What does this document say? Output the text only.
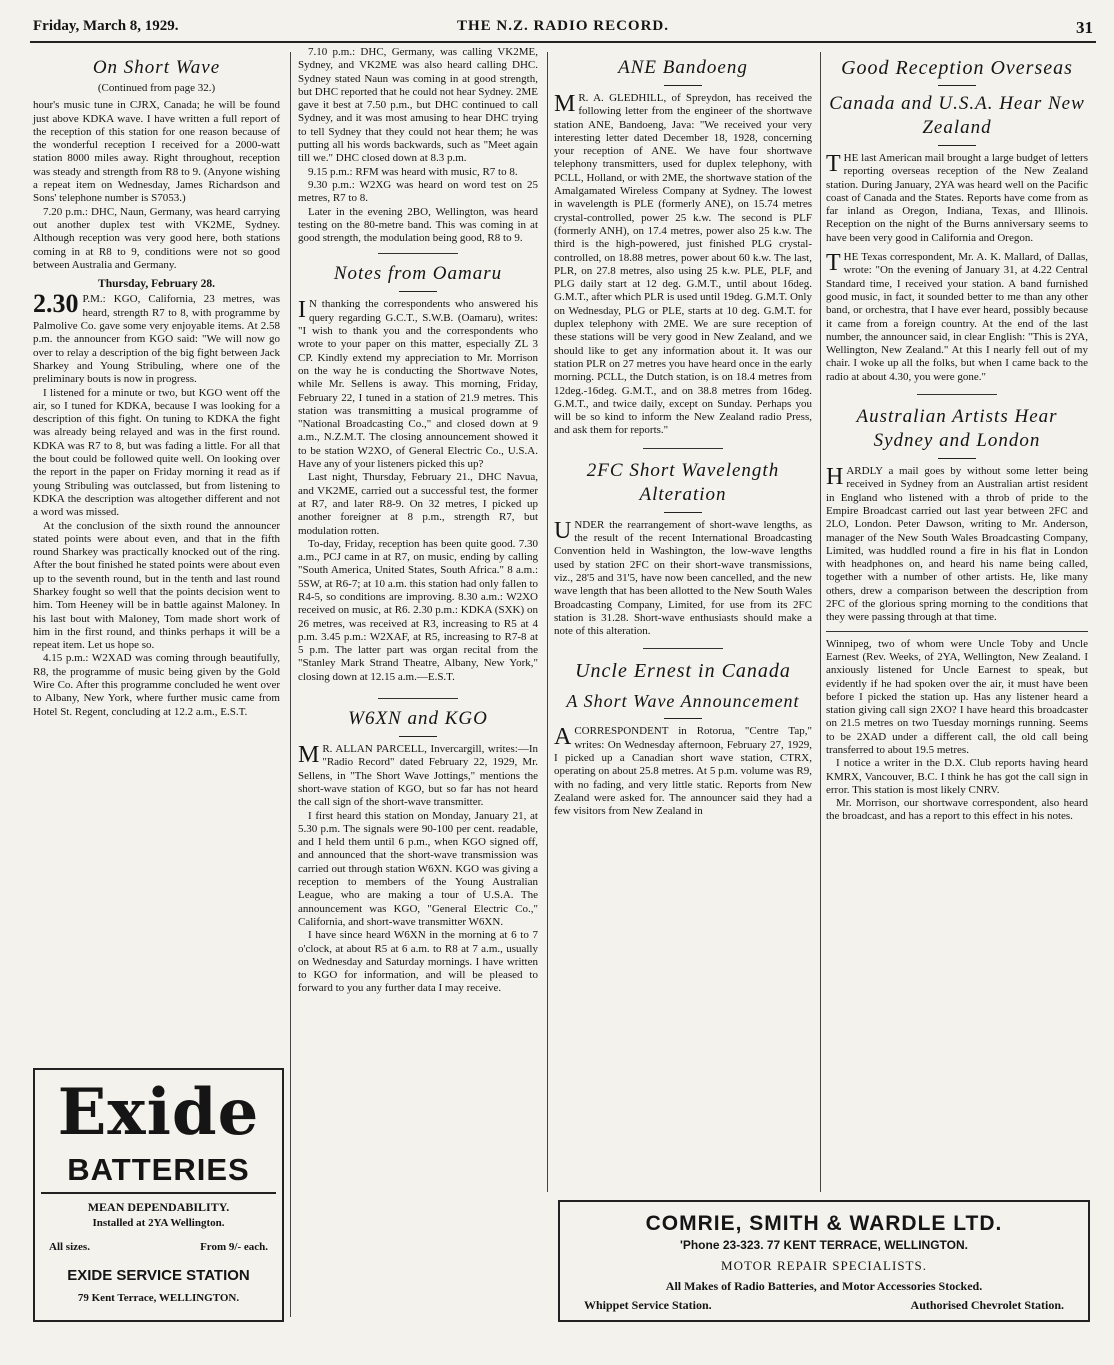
Friday, March 8, 1929.	THE N.Z. RADIO RECORD.	31
On Short Wave
(Continued from page 32.)

hour's music tune in CJRX, Canada; he will be found just above KDKA wave. I have written a full report of the reception of this station for one reason because of the wonderful reception I received for a 2000-watt station 8000 miles away. Right throughout, reception was steady and strength from R8 to 9. (Anyone wishing a repeat item on Wednesday, James Richardson and Sons' telephone number is S7053.)

7.20 p.m.: DHC, Naun, Germany, was heard carrying out another duplex test with VK2ME, Sydney. Although reception was very good here, both stations coming in at R8 to 9, conditions were not so good between Australia and Germany.

Thursday, February 28.

2.30 P.M.: KGO, California, 23 metres, was heard, strength R7 to 8, with programme by Palmolive Co. gave some very enjoyable items. At 2.58 p.m. the announcer from KGO said: "We will now go over to relay a description of the big fight between Jack Sharkey and Young Stribuling, where one of the preliminary bouts is now in progress.

I listened for a minute or two, but KGO went off the air, so I tuned for KDKA, because I was looking for a description of this fight. On tuning to KDKA the fight was already being relayed and was in the first round. KDKA was R7 to 8, but was fading a little. For all that the bout could be followed quite well. On looking over the report in the paper on Friday morning it read as if young Stribuling was outclassed, but from listening to KDKA the description was altogether different and not a word was missed.

At the conclusion of the sixth round the announcer stated points were about even, and that in the fifth round Sharkey was practically knocked out of the ring. After the bout finished he stated points were about even up to the seventh round, but in the tenth and last round Sharkey fought so well that the points decision went to him. Tom Heeney will be in battle against Maloney. In his last bout with Maloney, Tom made short work of him in the first round, and thinks perhaps it will be a repeat item. Let us hope so.

4.15 p.m.: W2XAD was coming through beautifully, R8, the programme of music being given by the Gold Wire Co. After this programme concluded he went over to Albany, New York, where further music came from Hotel St. Regent, concluding at 12.2 a.m., E.S.T.

Exide
BATTERIES
MEAN DEPENDABILITY.
Installed at 2YA Wellington.
All sizes.	From 9/- each.
EXIDE SERVICE STATION
79 Kent Terrace, WELLINGTON.

7.10 p.m.: DHC, Germany, was calling VK2ME, Sydney, and VK2ME was also heard calling DHC. Sydney stated Naun was coming in at good strength, but DHC reported that he could not hear Sydney. 2ME gave it best at 7.50 p.m., but DHC continued to call Sydney, and it was most amusing to hear DHC trying to tell Sydney that they could not hear them; he was putting all his words backwards, such as "Meet again till we." DHC closed down at 8.3 p.m.

9.15 p.m.: RFM was heard with music, R7 to 8.

9.30 p.m.: W2XG was heard on word test on 25 metres, R7 to 8.

Later in the evening 2BO, Wellington, was heard testing on the 80-metre band. This was coming in at good strength, the modulation being good, R8 to 9.

Notes from Oamaru

I N thanking the correspondents who answered his query regarding G.C.T., S.W.B. (Oamaru), writes: "I wish to thank you and the correspondents who wrote to your paper on this matter, especially ZL 3 CP. Kindly extend my appreciation to Mr. Morrison on the way he is conducting the Shortwave Notes, while Mr. Sellens is away. This morning, Friday, February 22, I tuned in a station of 21.9 metres. This station was transmitting a musical programme of "National Broadcasting Co.," and closed down at 9 a.m., N.Z.M.T. The closing announcement showed it to be station W2XO, of General Electric Co., U.S.A. Have any of your listeners picked this up?

Last night, Thursday, February 21., DHC Navua, and VK2ME, carried out a successful test, the former at R7, and later R8-9. On 32 metres, I picked up another foreigner at 8 p.m., strength R7, but modulation rotten.

To-day, Friday, reception has been quite good. 7.30 a.m., PCJ came in at R7, on music, ending by calling "South America, United States, South Africa." 8 a.m.: 5SW, at R6-7; at 10 a.m. this station had only fallen to R4-5, so conditions are improving. 8.30 a.m.: W2XO received on music, at R6. 2.30 p.m.: KDKA (SXK) on 26 metres, was received at R3, increasing to R5 at 4 p.m. 3.45 p.m.: W2XAF, at R5, increasing to R7-8 at 5 p.m. The latter part was organ recital from the "Stanley Mark Strand Theatre, Albany, New York," closing down at 12.15 a.m.—E.S.T.

W6XN and KGO

M R. ALLAN PARCELL, Invercargill, writes:—In "Radio Record" dated February 22, 1929, Mr. Sellens, in "The Short Wave Jottings," mentions the short-wave station of KGO, but so far has not heard the call sign of the short-wave transmitter.

I first heard this station on Monday, January 21, at 5.30 p.m. The signals were 90-100 per cent. readable, and I held them until 6 p.m., when KGO signed off, and announced that the short-wave transmission was carried out through station W6XN. KGO was giving a reception to members of the Young Australian League, who are making a tour of U.S.A. The announcement was KGO, "General Electric Co.," California, and short-wave transmitter W6XN.

I have since heard W6XN in the morning at 6 to 7 o'clock, at about R5 at 6 a.m. to R8 at 7 a.m., usually on Wednesday and Saturday mornings. I have written to KGO for information, and will be pleased to forward to you any further data I may receive.

ANE Bandoeng

M R. A. GLEDHILL, of Spreydon, has received the following letter from the engineer of the shortwave station ANE, Bandoeng, Java: "We received your very interesting letter dated December 18, 1928, concerning your reception of ANE. We have four shortwave telephony transmitters, used for duplex telephony, with PCLL, Holland, or with 2ME, the shortwave station of the Amalgamated Wireless Company at Sydney. The lowest in wavelength is PLE (formerly ANE), on 15.74 metres crystal-controlled, power 25 k.w. The second is PLF (formerly ANH), on 17.4 metres, power also 25 k.w. The third is the high-powered, just finished PLG crystal-controlled, on 18.88 metres, power about 60 k.w. The last, PLR, on 27.8 metres, also using 25 k.w. PLE, PLF, and PLG daily start at 12 deg. G.M.T., until about 16deg. G.M.T., after which PLR is used until 19deg. G.M.T. Only on Wednesday, PLG or PLE, starts at 10 deg. G.M.T. for duplex telephony with 2ME. We are sure reception of these stations will be very good in New Zealand, and we should like to get any information about it. It was our station PLR on 27 metres you have heard once in the early morning. PCLL, the Dutch station, is on 18.4 metres from 12deg.-16deg. G.M.T., and on 38.8 metres from 16deg. G.M.T., and twice daily, except on Sunday. Perhaps you will be so kind to inform the New Zealand radio Press, and ask them for reports."

2FC Short Wavelength Alteration

UNDER the rearrangement of short-wave lengths, as the result of the recent International Broadcasting Convention held in Washington, the low-wave lengths used by station 2FC on their short-wave transmissions, viz., 28'5 and 31'5, have now been cancelled, and the new wave length that has been allotted to the New South Wales Broadcasting Company, Limited, for use from its 2FC station is 31.28. Short-wave enthusiasts should make a note of this alteration.

Uncle Ernest in Canada
A Short Wave Announcement

ACORRESPONDENT in Rotorua, "Centre Tap," writes: On Wednesday afternoon, February 27, 1929, I picked up a Canadian short wave station, CTRX, operating on about 25.8 metres. At 5 p.m. volume was R9, with no fading, and very little static. Reports from New Zealand were asked for. The announcer said they had a few visitors from New Zealand in

Good Reception Overseas
Canada and U.S.A. Hear New Zealand

THE last American mail brought a large budget of letters reporting overseas reception of the New Zealand station. During January, 2YA was heard well on the Pacific coast of Canada and the States. Reports have come from as far inland as Oregon, Indiana, Texas, and Illinois. Reception on the night of the Burns anniversary seems to have been very good in California and Oregon.

THE Texas correspondent, Mr. A. K. Mallard, of Dallas, wrote: "On the evening of January 31, at 4.22 Central Standard time, I received your station. A band furnished good music, in fact, it sounded better to me than any other band, or orchestra, that I have ever heard, possibly because it came from a foreign country. At the end of the last number, the announcer said, in clear English: "This is 2YA, Wellington, New Zealand." At this I nearly fell out of my chair. I woke up all the folks, but when I came back to the radio at about 4.30, you were gone."

Australian Artists Hear Sydney and London

HARDLY a mail goes by without some letter being received in Sydney from an Australian artist resident in England who listened with a throb of pride to the Empire Broadcast carried out last year between 2FC and 2LO, London. Peter Dawson, writing to Mr. Anderson, manager of the New South Wales Broadcasting Company, Limited, was huddled round a fire in his flat in London with headphones on, and heard his name being called, together with a number of other artists. He, like many others, drew a comparison between the description from 2FC of the glorious spring morning to the conditions that they were passing through at that time.

Winnipeg, two of whom were Uncle Toby and Uncle Earnest (Rev. Weeks, of 2YA, Wellington, New Zealand. I anxiously listened for Uncle Earnest to speak, but evidently if he had spoken over the air, it must have been before I picked the station up. Has any listener heard a station giving call sign 2XO? I have heard this broadcaster on 21.5 metres on two Tuesday mornings running. Seems to be 2XAD under a different call, the old call being transferred to about 19.5 metres.

I notice a writer in the D.X. Club reports having heard KMRX, Vancouver, B.C. I think he has got the call sign in error. This station is most likely CNRV.

Mr. Morrison, our shortwave correspondent, also heard the broadcast, and has a report to this effect in his notes.

COMRIE, SMITH & WARDLE LTD.
'Phone 23-323. 77 KENT TERRACE, WELLINGTON.
MOTOR REPAIR SPECIALISTS.
All Makes of Radio Batteries, and Motor Accessories Stocked.
Whippet Service Station.	Authorised Chevrolet Station.
